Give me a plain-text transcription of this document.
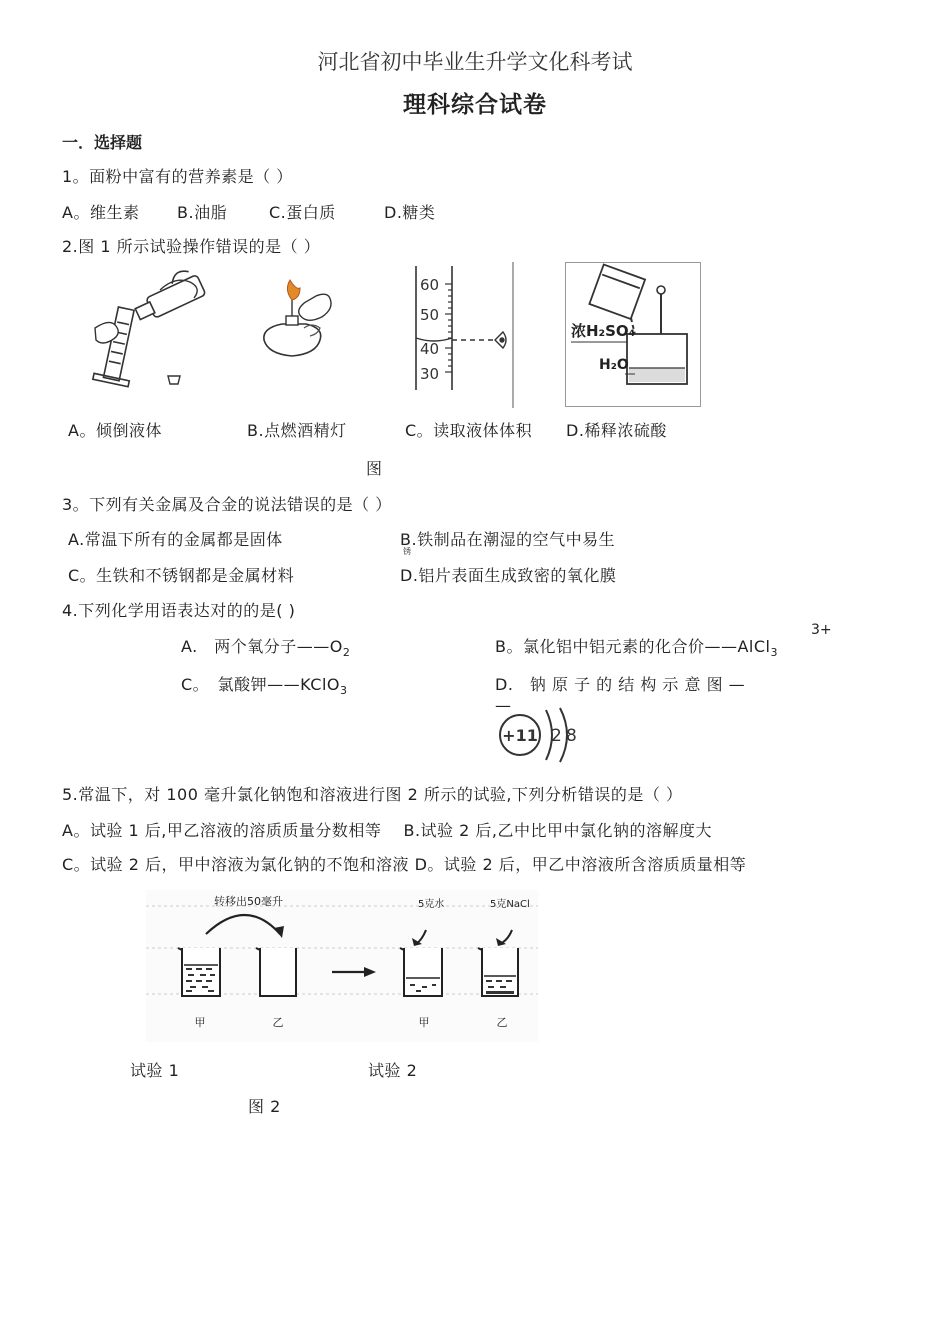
河北省初中毕业生升学文化科考试
理科综合试卷
一．选择题
1。面粉中富有的营养素是（ ）
A。维生素 B.油脂	C.蛋白质	D.糖类
2.图 1 所示试验操作错误的是（ ）
60
50
40
30
浓H₂SO₄
H₂O
A。倾倒液体	B.点燃酒精灯	C。读取液体体积 D.稀释浓硫酸
图
3。下列有关金属及合金的说法错误的是（ ）
A.常温下所有的金属都是固体	B.铁制品在潮湿的空气中易生
锈
C。生铁和不锈钢都是金属材料	D.铝片表面生成致密的氧化膜
4.下列化学用语表达对的的是( )
A.　两个氧分子$——O_2$	B。氯化铝中铝元素的化合价——AlCl$_3$
3+
C。　氯酸钾——KClO$_3$	D.　钠 原 子 的 结 构 示 意 图 —
—
+11 2 8
5.常温下，对 100 毫升氯化钠饱和溶液进行图 2 所示的试验,下列分析错误的是（ ）
A。试验 1 后,甲乙溶液的溶质质量分数相等　 B.试验 2 后,乙中比甲中氯化钠的溶解度大
C。试验 2 后，甲中溶液为氯化钠的不饱和溶液 D。试验 2 后，甲乙中溶液所含溶质质量相等
转移出50毫升	5克水	5克NaCl
甲	乙	甲	乙
试验 1	试验 2
图 2
